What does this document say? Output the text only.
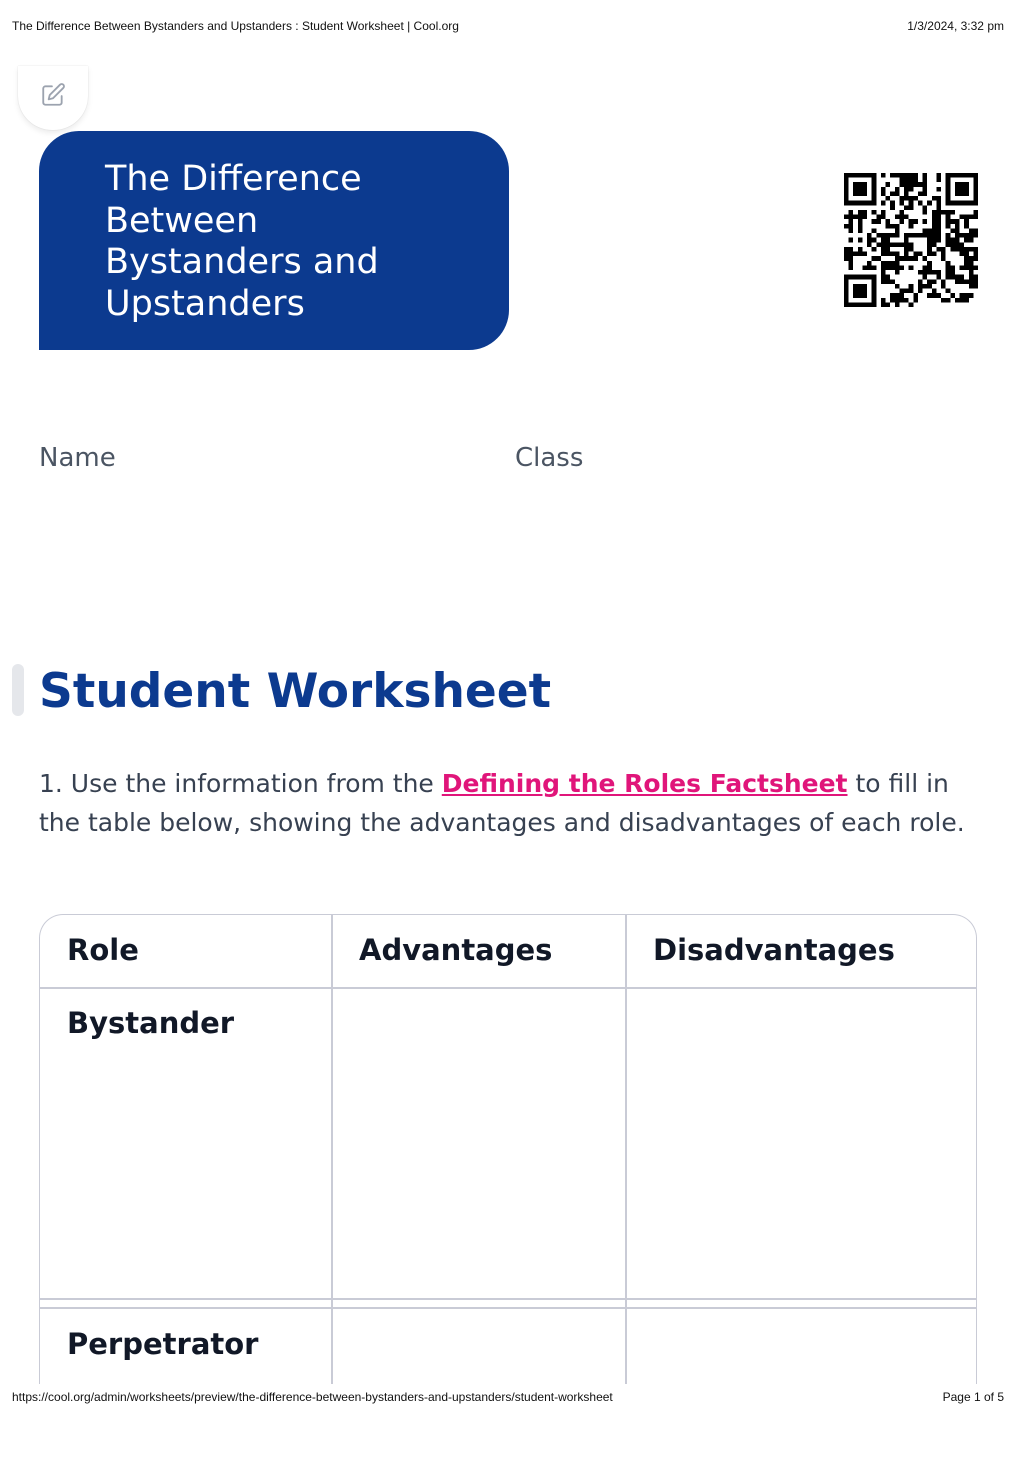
The Difference Between Bystanders and Upstanders : Student Worksheet | Cool.org	1/3/2024, 3:32 pm
The Difference Between Bystanders and Upstanders
Name	Class
Student Worksheet

1. Use the information from the Defining the Roles Factsheet to fill in the table below, showing the advantages and disadvantages of each role.

Role	Advantages	Disadvantages
Bystander
Perpetrator
https://cool.org/admin/worksheets/preview/the-difference-between-bystanders-and-upstanders/student-worksheet	Page 1 of 5
